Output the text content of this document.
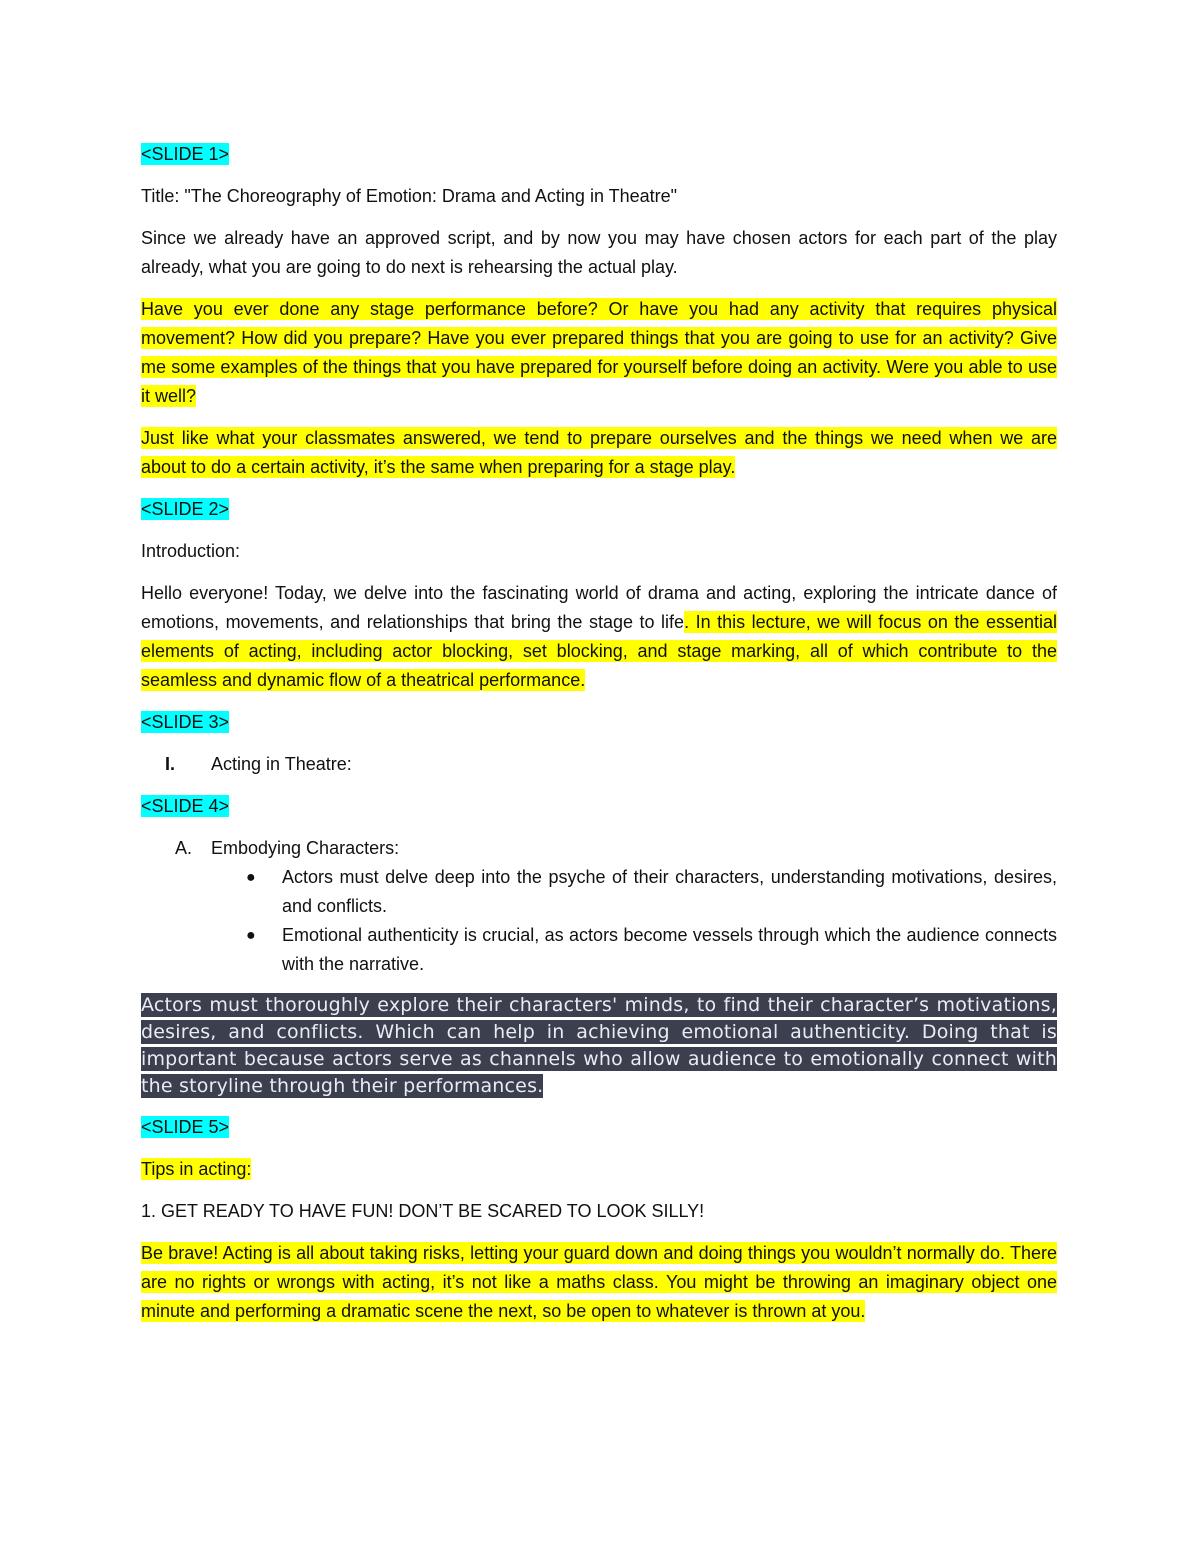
<SLIDE 1>

Title: "The Choreography of Emotion: Drama and Acting in Theatre"

Since we already have an approved script, and by now you may have chosen actors for each part of the play already, what you are going to do next is rehearsing the actual play.

Have you ever done any stage performance before? Or have you had any activity that requires physical movement? How did you prepare? Have you ever prepared things that you are going to use for an activity? Give me some examples of the things that you have prepared for yourself before doing an activity. Were you able to use it well?

Just like what your classmates answered, we tend to prepare ourselves and the things we need when we are about to do a certain activity, it’s the same when preparing for a stage play.

<SLIDE 2>

Introduction:

Hello everyone! Today, we delve into the fascinating world of drama and acting, exploring the intricate dance of emotions, movements, and relationships that bring the stage to life. In this lecture, we will focus on the essential elements of acting, including actor blocking, set blocking, and stage marking, all of which contribute to the seamless and dynamic flow of a theatrical performance.

<SLIDE 3>

I.	Acting in Theatre:

<SLIDE 4>

A.	Embodying Characters:
● Actors must delve deep into the psyche of their characters, understanding motivations, desires, and conflicts.
● Emotional authenticity is crucial, as actors become vessels through which the audience connects with the narrative.

Actors must thoroughly explore their characters' minds, to find their character’s motivations, desires, and conflicts. Which can help in achieving emotional authenticity. Doing that is important because actors serve as channels who allow audience to emotionally connect with the storyline through their performances.

<SLIDE 5>

Tips in acting:

1. GET READY TO HAVE FUN! DON’T BE SCARED TO LOOK SILLY!

Be brave! Acting is all about taking risks, letting your guard down and doing things you wouldn’t normally do. There are no rights or wrongs with acting, it’s not like a maths class. You might be throwing an imaginary object one minute and performing a dramatic scene the next, so be open to whatever is thrown at you.
